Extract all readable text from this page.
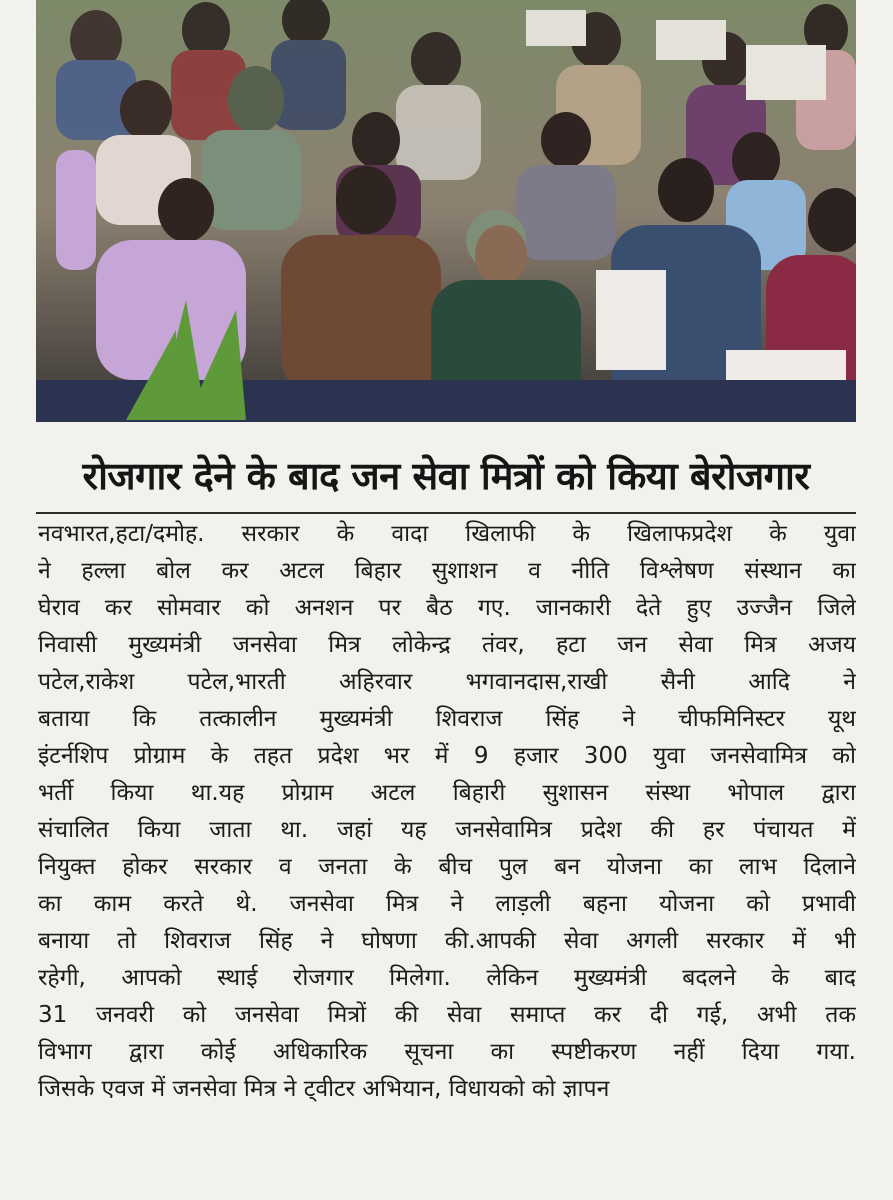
रोजगार देने के बाद जन सेवा मित्रों को किया बेरोजगार
नवभारत,हटा/दमोह. सरकार के वादा खिलाफी के खिलाफप्रदेश के युवा
ने हल्ला बोल कर अटल बिहार सुशाशन व नीति विश्लेषण संस्थान का
घेराव कर सोमवार को अनशन पर बैठ गए. जानकारी देते हुए उज्जैन जिले
निवासी मुख्यमंत्री जनसेवा मित्र लोकेन्द्र तंवर, हटा जन सेवा मित्र अजय
पटेल,राकेश पटेल,भारती अहिरवार भगवानदास,राखी सैनी आदि ने
बताया कि तत्कालीन मुख्यमंत्री शिवराज सिंह ने चीफमिनिस्टर यूथ
इंटर्नशिप प्रोग्राम के तहत प्रदेश भर में 9 हजार 300 युवा जनसेवामित्र को
भर्ती किया था.यह प्रोग्राम अटल बिहारी सुशासन संस्था भोपाल द्वारा
संचालित किया जाता था. जहां यह जनसेवामित्र प्रदेश की हर पंचायत में
नियुक्त होकर सरकार व जनता के बीच पुल बन योजना का लाभ दिलाने
का काम करते थे. जनसेवा मित्र ने लाड़ली बहना योजना को प्रभावी
बनाया तो शिवराज सिंह ने घोषणा की.आपकी सेवा अगली सरकार में भी
रहेगी, आपको स्थाई रोजगार मिलेगा. लेकिन मुख्यमंत्री बदलने के बाद
31 जनवरी को जनसेवा मित्रों की सेवा समाप्त कर दी गई, अभी तक
विभाग द्वारा कोई अधिकारिक सूचना का स्पष्टीकरण नहीं दिया गया.
जिसके एवज में जनसेवा मित्र ने ट्वीटर अभियान, विधायको को ज्ञापन
